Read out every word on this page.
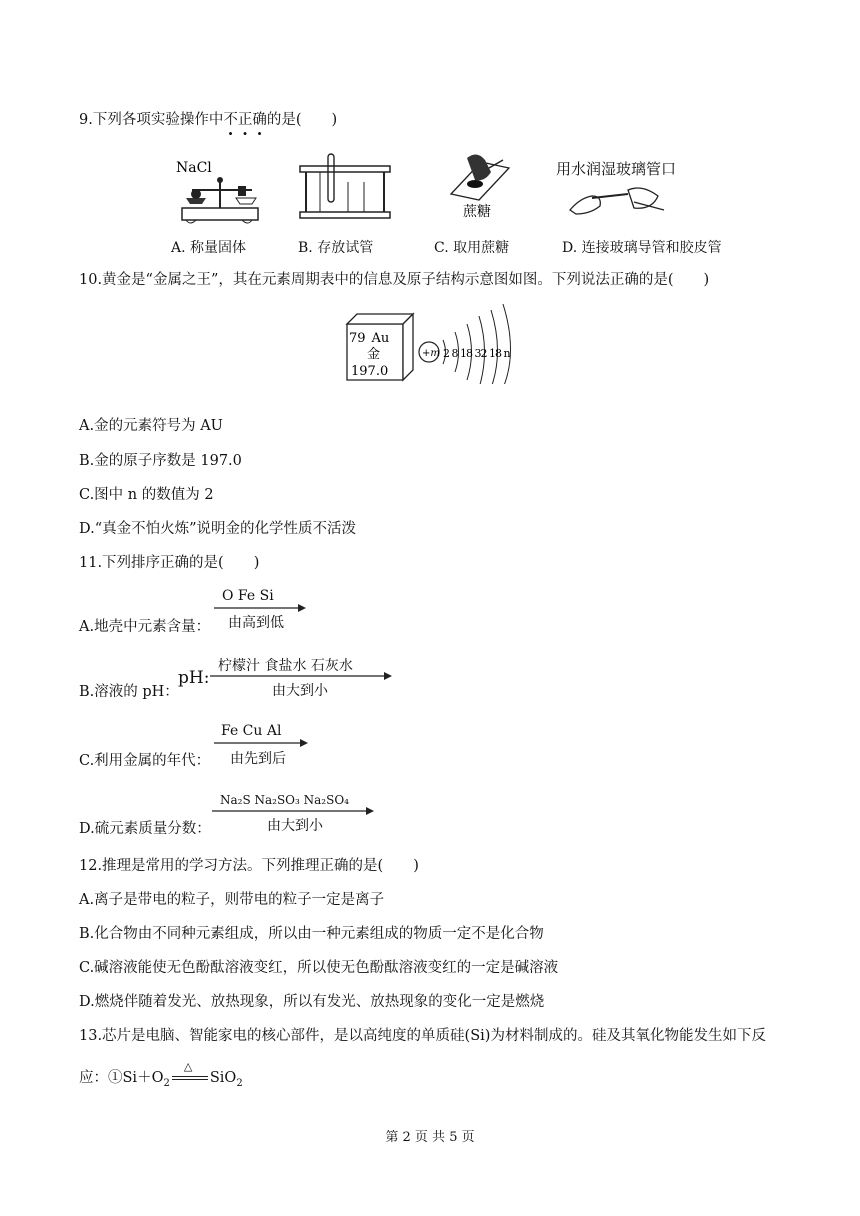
9.下列各项实验操作中不正确的是( )
NaCl
蔗糖
用水润湿玻璃管口
A. 称量固体	B. 存放试管	C. 取用蔗糖	D. 连接玻璃导管和胶皮管
10.黄金是“金属之王”，其在元素周期表中的信息及原子结构示意图如图。下列说法正确的是( )
79 Au
金
197.0
+m 2 8 18 32 18 n
A.金的元素符号为 AU
B.金的原子序数是 197.0
C.图中 n 的数值为 2
D.“真金不怕火炼”说明金的化学性质不活泼
11.下列排序正确的是( )
A.地壳中元素含量：
O Fe Si
由高到低
B.溶液的 pH：
pH:
柠檬汁 食盐水 石灰水
由大到小
C.利用金属的年代：
Fe Cu Al
由先到后
D.硫元素质量分数：
Na₂S Na₂SO₃ Na₂SO₄
由大到小
12.推理是常用的学习方法。下列推理正确的是( )
A.离子是带电的粒子，则带电的粒子一定是离子
B.化合物由不同种元素组成，所以由一种元素组成的物质一定不是化合物
C.碱溶液能使无色酚酞溶液变红，所以使无色酚酞溶液变红的一定是碱溶液
D.燃烧伴随着发光、放热现象，所以有发光、放热现象的变化一定是燃烧
13.芯片是电脑、智能家电的核心部件，是以高纯度的单质硅(Si)为材料制成的。硅及其氧化物能发生如下反
应：$①Si+O_2$
△
SiO$_2$
第 2 页 共 5 页
